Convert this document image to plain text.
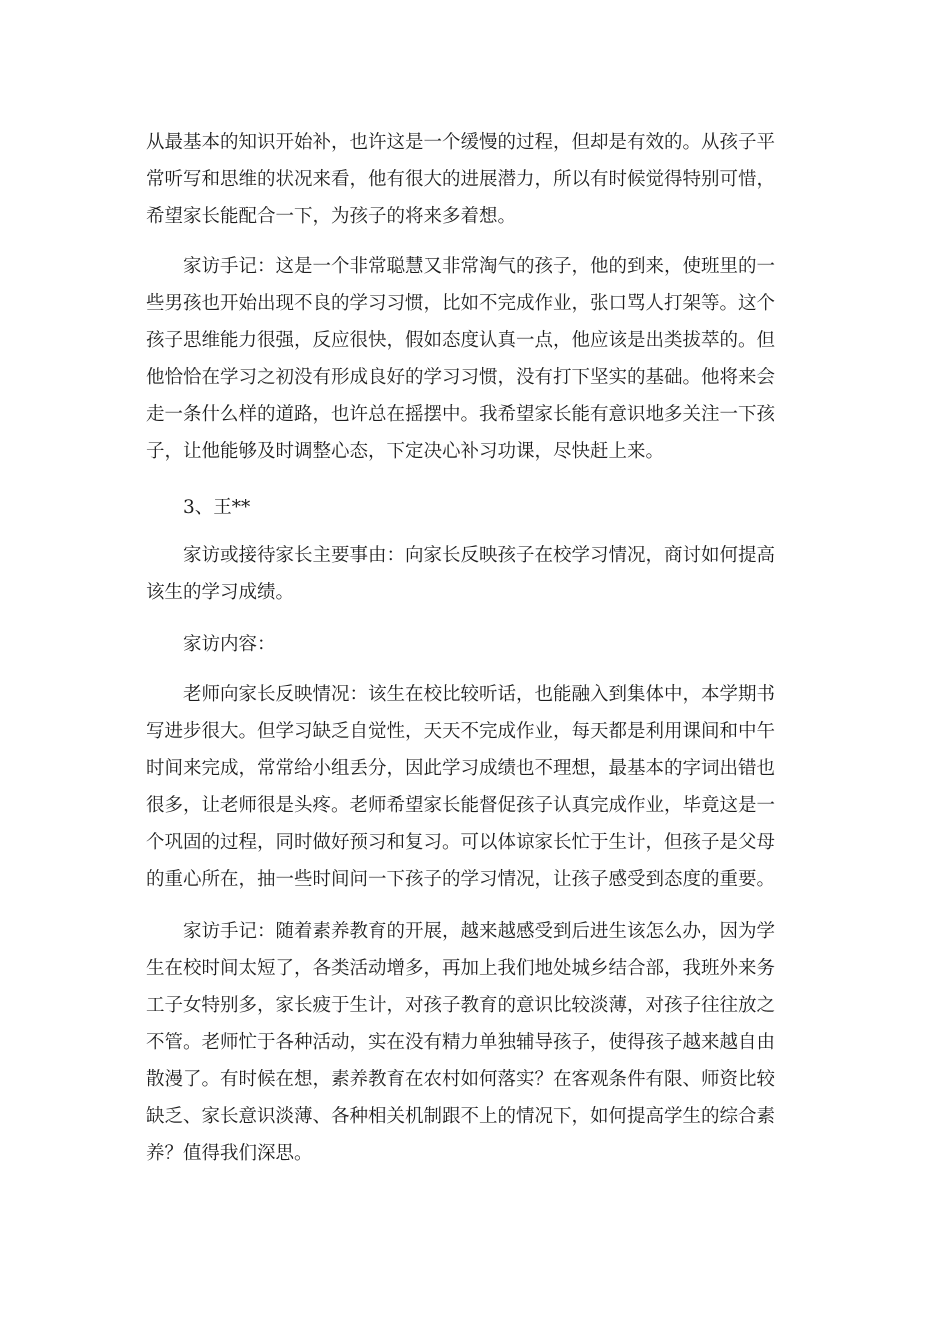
从最基本的知识开始补，也许这是一个缓慢的过程，但却是有效的。从孩子平
常听写和思维的状况来看，他有很大的进展潜力，所以有时候觉得特别可惜，
希望家长能配合一下，为孩子的将来多着想。

家访手记：这是一个非常聪慧又非常淘气的孩子，他的到来，使班里的一
些男孩也开始出现不良的学习习惯，比如不完成作业，张口骂人打架等。这个
孩子思维能力很强，反应很快，假如态度认真一点，他应该是出类拔萃的。但
他恰恰在学习之初没有形成良好的学习习惯，没有打下坚实的基础。他将来会
走一条什么样的道路，也许总在摇摆中。我希望家长能有意识地多关注一下孩
子，让他能够及时调整心态，下定决心补习功课，尽快赶上来。

3、王**

家访或接待家长主要事由：向家长反映孩子在校学习情况，商讨如何提高
该生的学习成绩。

家访内容：

老师向家长反映情况：该生在校比较听话，也能融入到集体中，本学期书
写进步很大。但学习缺乏自觉性，天天不完成作业，每天都是利用课间和中午
时间来完成，常常给小组丢分，因此学习成绩也不理想，最基本的字词出错也
很多，让老师很是头疼。老师希望家长能督促孩子认真完成作业，毕竟这是一
个巩固的过程，同时做好预习和复习。可以体谅家长忙于生计，但孩子是父母
的重心所在，抽一些时间问一下孩子的学习情况，让孩子感受到态度的重要。

家访手记：随着素养教育的开展，越来越感受到后进生该怎么办，因为学
生在校时间太短了，各类活动增多，再加上我们地处城乡结合部，我班外来务
工子女特别多，家长疲于生计，对孩子教育的意识比较淡薄，对孩子往往放之
不管。老师忙于各种活动，实在没有精力单独辅导孩子，使得孩子越来越自由
散漫了。有时候在想，素养教育在农村如何落实？在客观条件有限、师资比较
缺乏、家长意识淡薄、各种相关机制跟不上的情况下，如何提高学生的综合素
养？值得我们深思。
